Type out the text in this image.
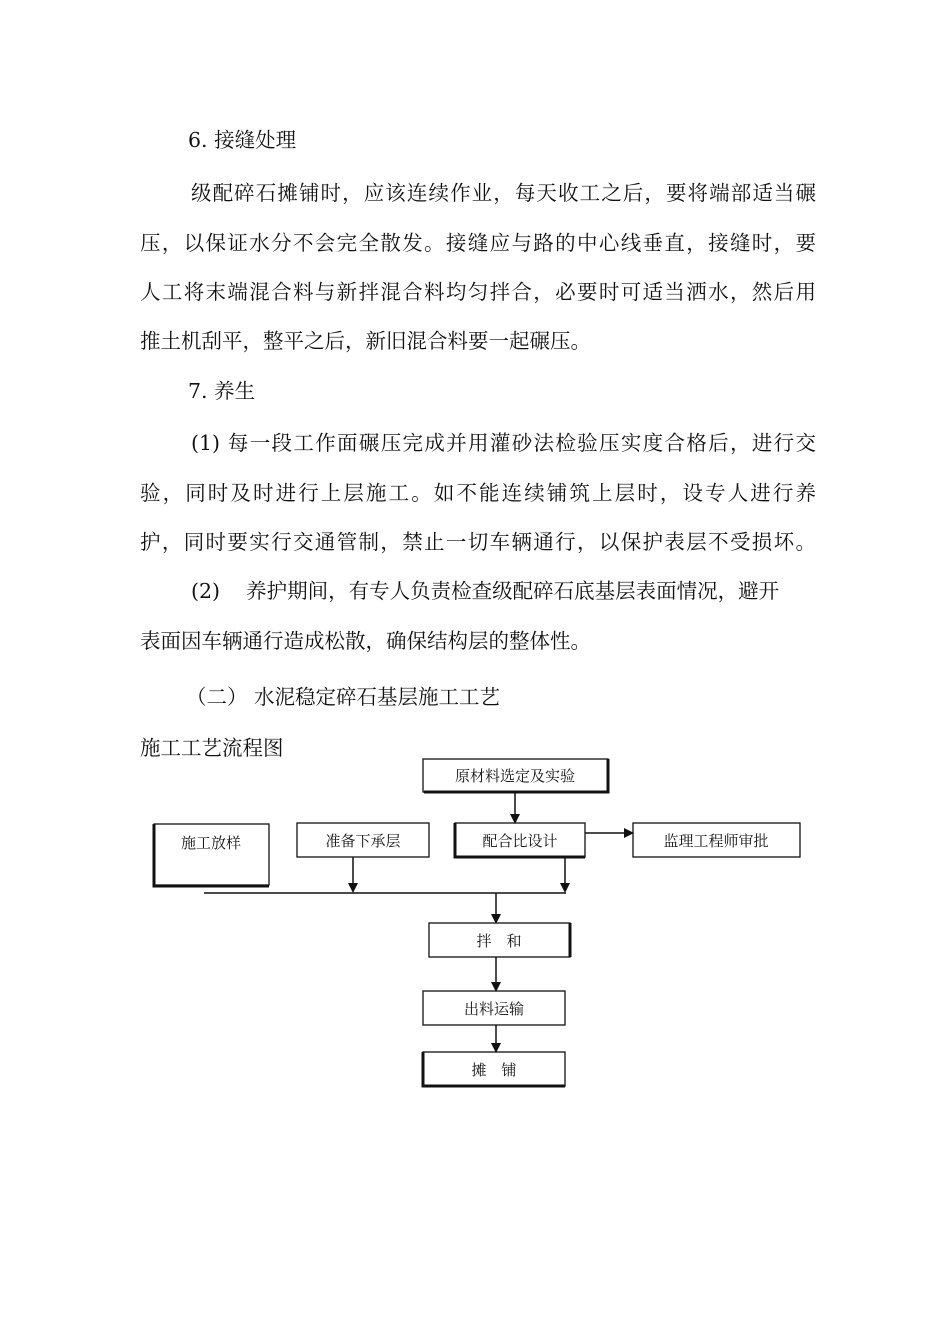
6. 接缝处理
级配碎石摊铺时，应该连续作业，每天收工之后，要将端部适当碾
压，以保证水分不会完全散发。接缝应与路的中心线垂直，接缝时，要
人工将末端混合料与新拌混合料均匀拌合，必要时可适当洒水，然后用
推土机刮平，整平之后，新旧混合料要一起碾压。
7. 养生
(1) 每一段工作面碾压完成并用灌砂法检验压实度合格后，进行交
验，同时及时进行上层施工。如不能连续铺筑上层时，设专人进行养
护，同时要实行交通管制，禁止一切车辆通行，以保护表层不受损坏。
(2)    养护期间，有专人负责检查级配碎石底基层表面情况，避开
表面因车辆通行造成松散，确保结构层的整体性。
（二） 水泥稳定碎石基层施工工艺
施工工艺流程图
原材料选定及实验
施工放样	准备下承层	配合比设计	监理工程师审批
拌　和
出料运输
摊　铺
